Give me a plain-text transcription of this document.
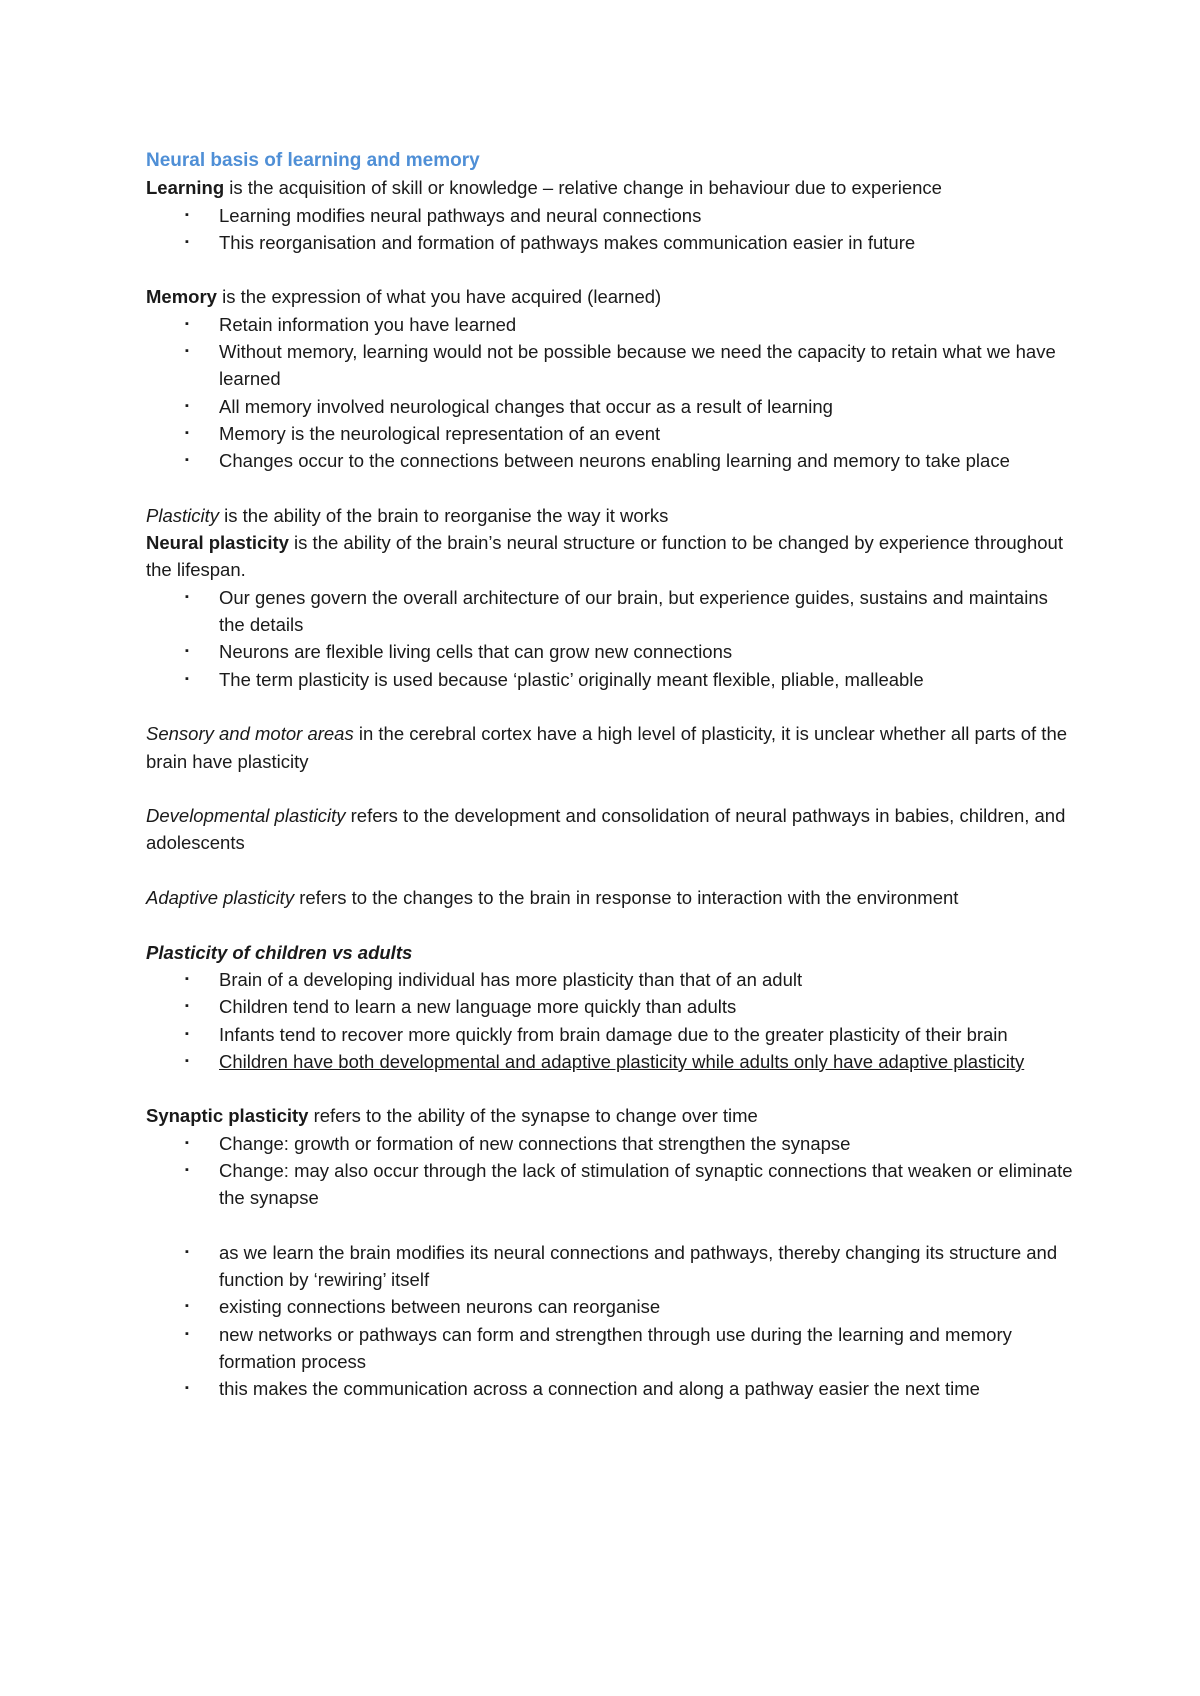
Neural basis of learning and memory

Learning is the acquisition of skill or knowledge – relative change in behaviour due to experience

▪ Learning modifies neural pathways and neural connections
▪ This reorganisation and formation of pathways makes communication easier in future

Memory is the expression of what you have acquired (learned)

▪ Retain information you have learned
▪ Without memory, learning would not be possible because we need the capacity to retain what we have learned
▪ All memory involved neurological changes that occur as a result of learning
▪ Memory is the neurological representation of an event
▪ Changes occur to the connections between neurons enabling learning and memory to take place

Plasticity is the ability of the brain to reorganise the way it works

Neural plasticity is the ability of the brain’s neural structure or function to be changed by experience throughout the lifespan.

▪ Our genes govern the overall architecture of our brain, but experience guides, sustains and maintains the details
▪ Neurons are flexible living cells that can grow new connections
▪ The term plasticity is used because ‘plastic’ originally meant flexible, pliable, malleable

Sensory and motor areas in the cerebral cortex have a high level of plasticity, it is unclear whether all parts of the brain have plasticity

Developmental plasticity refers to the development and consolidation of neural pathways in babies, children, and adolescents

Adaptive plasticity refers to the changes to the brain in response to interaction with the environment

Plasticity of children vs adults

▪ Brain of a developing individual has more plasticity than that of an adult
▪ Children tend to learn a new language more quickly than adults
▪ Infants tend to recover more quickly from brain damage due to the greater plasticity of their brain
▪ Children have both developmental and adaptive plasticity while adults only have adaptive plasticity

Synaptic plasticity refers to the ability of the synapse to change over time

▪ Change: growth or formation of new connections that strengthen the synapse
▪ Change: may also occur through the lack of stimulation of synaptic connections that weaken or eliminate the synapse
▪ as we learn the brain modifies its neural connections and pathways, thereby changing its structure and function by ‘rewiring’ itself
▪ existing connections between neurons can reorganise
▪ new networks or pathways can form and strengthen through use during the learning and memory formation process
▪ this makes the communication across a connection and along a pathway easier the next time
